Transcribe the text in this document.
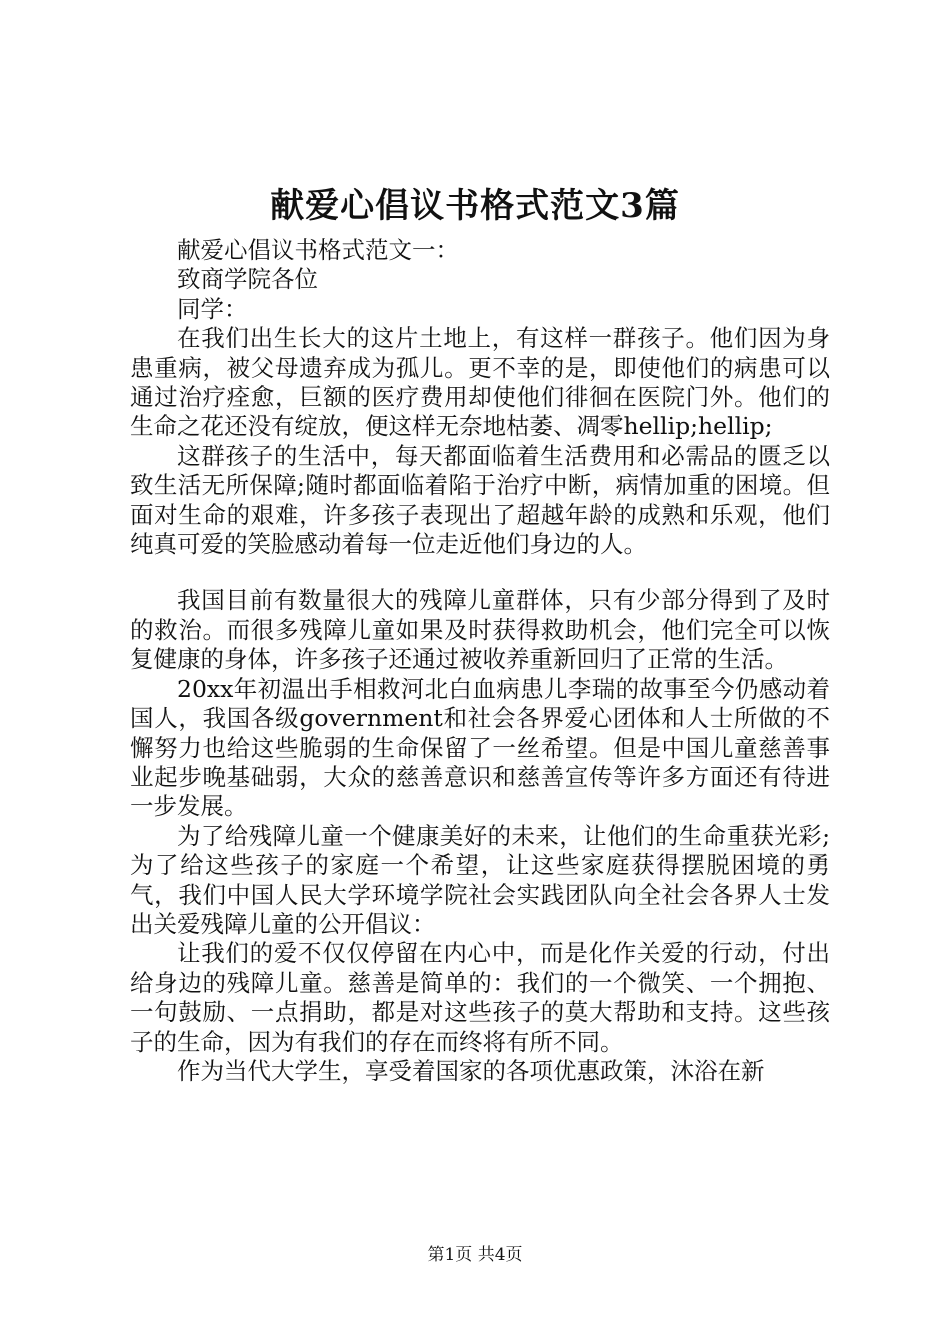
献爱心倡议书格式范文3篇

献爱心倡议书格式范文一：

致商学院各位

同学：

在我们出生长大的这片土地上，有这样一群孩子。他们因为身患重病，被父母遗弃成为孤儿。更不幸的是，即使他们的病患可以通过治疗痊愈，巨额的医疗费用却使他们徘徊在医院门外。他们的生命之花还没有绽放，便这样无奈地枯萎、凋零hellip;hellip;

这群孩子的生活中，每天都面临着生活费用和必需品的匮乏以致生活无所保障;随时都面临着陷于治疗中断，病情加重的困境。但面对生命的艰难，许多孩子表现出了超越年龄的成熟和乐观，他们纯真可爱的笑脸感动着每一位走近他们身边的人。

我国目前有数量很大的残障儿童群体，只有少部分得到了及时的救治。而很多残障儿童如果及时获得救助机会，他们完全可以恢复健康的身体，许多孩子还通过被收养重新回归了正常的生活。

20xx年初温出手相救河北白血病患儿李瑞的故事至今仍感动着国人，我国各级government和社会各界爱心团体和人士所做的不懈努力也给这些脆弱的生命保留了一丝希望。但是中国儿童慈善事业起步晚基础弱，大众的慈善意识和慈善宣传等许多方面还有待进一步发展。

为了给残障儿童一个健康美好的未来，让他们的生命重获光彩;为了给这些孩子的家庭一个希望，让这些家庭获得摆脱困境的勇气，我们中国人民大学环境学院社会实践团队向全社会各界人士发出关爱残障儿童的公开倡议：

让我们的爱不仅仅停留在内心中，而是化作关爱的行动，付出给身边的残障儿童。慈善是简单的：我们的一个微笑、一个拥抱、一句鼓励、一点捐助，都是对这些孩子的莫大帮助和支持。这些孩子的生命，因为有我们的存在而终将有所不同。

作为当代大学生，享受着国家的各项优惠政策，沐浴在新

第1页 共4页
